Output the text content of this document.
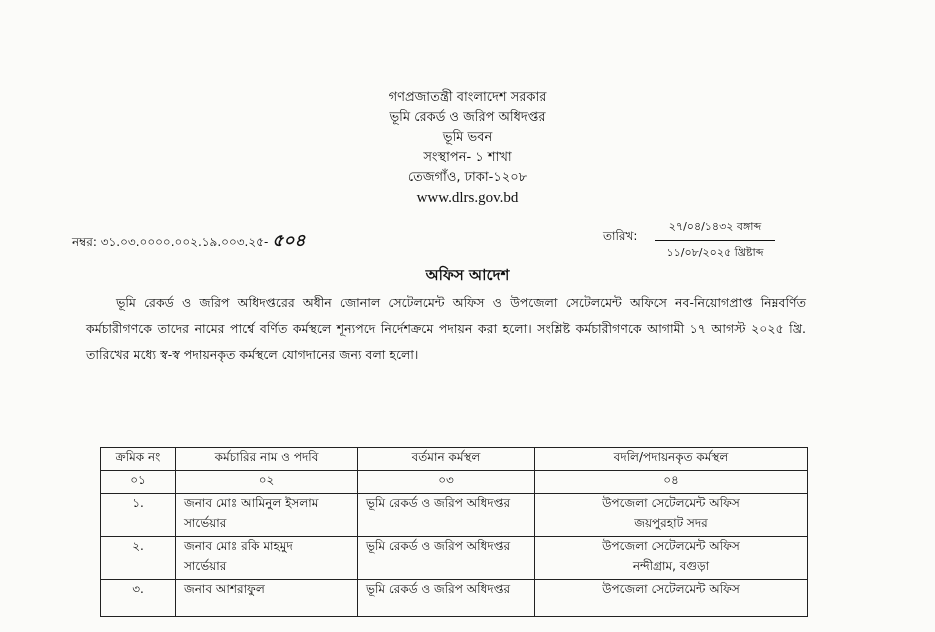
গণপ্রজাতন্ত্রী বাংলাদেশ সরকার
ভূমি রেকর্ড ও জরিপ অধিদপ্তর
ভূমি ভবন
সংস্থাপন- ১ শাখা
তেজগাঁও, ঢাকা-১২০৮
www.dlrs.gov.bd
নম্বর: ৩১.০৩.০০০০.০০২.১৯.০০৩.২৫- ৫০৪	তারিখ:
২৭/০৪/১৪৩২ বঙ্গাব্দ
১১/০৮/২০২৫ খ্রিষ্টাব্দ
অফিস আদেশ

ভূমি রেকর্ড ও জরিপ অধিদপ্তরের অধীন জোনাল সেটেলমেন্ট অফিস ও উপজেলা সেটেলমেন্ট অফিসে নব-নিয়োগপ্রাপ্ত নিম্নবর্ণিত কর্মচারীগণকে তাদের নামের পার্শ্বে বর্ণিত কর্মস্থলে শূন্যপদে নির্দেশক্রমে পদায়ন করা হলো। সংশ্লিষ্ট কর্মচারীগণকে আগামী ১৭ আগস্ট ২০২৫ খ্রি. তারিখের মধ্যে স্ব-স্ব পদায়নকৃত কর্মস্থলে যোগদানের জন্য বলা হলো।

ক্রমিক নং	কর্মচারির নাম ও পদবি	বর্তমান কর্মস্থল	বদলি/পদায়নকৃত কর্মস্থল
০১	০২	০৩	০৪
১.	জনাব মোঃ আমিনুল ইসলাম
সার্ভেয়ার	ভূমি রেকর্ড ও জরিপ অধিদপ্তর	উপজেলা সেটেলমেন্ট অফিস
জয়পুরহাট সদর

২.	জনাব মোঃ রকি মাহমুদ
সার্ভেয়ার	ভূমি রেকর্ড ও জরিপ অধিদপ্তর	উপজেলা সেটেলমেন্ট অফিস
নন্দীগ্রাম, বগুড়া

৩.	জনাব আশরাফুল	ভূমি রেকর্ড ও জরিপ অধিদপ্তর	উপজেলা সেটেলমেন্ট অফিস
